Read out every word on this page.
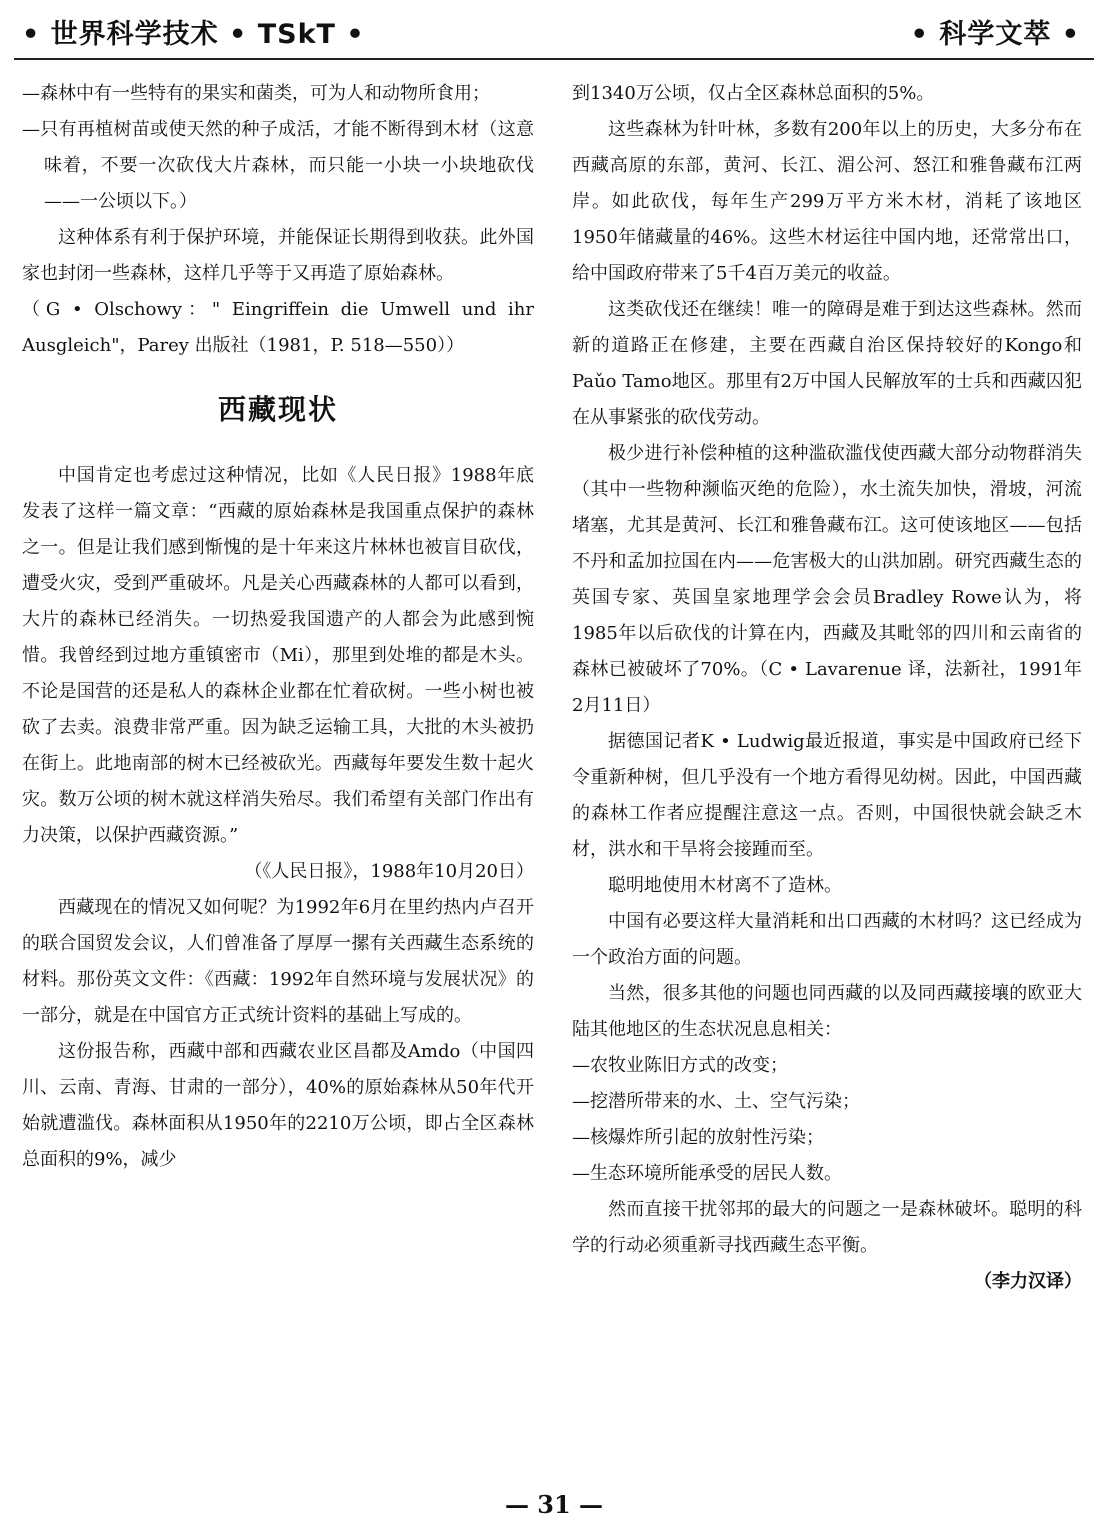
• 世界科学技术 • TSkT •	• 科学文萃 •

—森林中有一些特有的果实和菌类，可为人和动物所食用；

—只有再植树苗或使天然的种子成活，才能不断得到木材（这意味着，不要一次砍伐大片森林，而只能一小块一小块地砍伐——一公顷以下。）

这种体系有利于保护环境，并能保证长期得到收获。此外国家也封闭一些森林，这样几乎等于又再造了原始森林。

（G • Olschowy：" Eingriffein die Umwell und ihr Ausgleich"，Parey 出版社（1981，P. 518—550））

西藏现状

中国肯定也考虑过这种情况，比如《人民日报》1988年底发表了这样一篇文章：“西藏的原始森林是我国重点保护的森林之一。但是让我们感到惭愧的是十年来这片林林也被盲目砍伐，遭受火灾，受到严重破坏。凡是关心西藏森林的人都可以看到，大片的森林已经消失。一切热爱我国遗产的人都会为此感到惋惜。我曾经到过地方重镇密市（Mi），那里到处堆的都是木头。不论是国营的还是私人的森林企业都在忙着砍树。一些小树也被砍了去卖。浪费非常严重。因为缺乏运输工具，大批的木头被扔在街上。此地南部的树木已经被砍光。西藏每年要发生数十起火灾。数万公顷的树木就这样消失殆尽。我们希望有关部门作出有力决策，以保护西藏资源。”

（《人民日报》，1988年10月20日）

西藏现在的情况又如何呢？为1992年6月在里约热内卢召开的联合国贸发会议，人们曾准备了厚厚一摞有关西藏生态系统的材料。那份英文文件：《西藏：1992年自然环境与发展状况》的一部分，就是在中国官方正式统计资料的基础上写成的。

这份报告称，西藏中部和西藏农业区昌都及Amdo（中国四川、云南、青海、甘肃的一部分），40%的原始森林从50年代开始就遭滥伐。森林面积从1950年的2210万公顷，即占全区森林总面积的9%，减少

到1340万公顷，仅占全区森林总面积的5%。

这些森林为针叶林，多数有200年以上的历史，大多分布在西藏高原的东部，黄河、长江、湄公河、怒江和雅鲁藏布江两岸。如此砍伐，每年生产299万平方米木材，消耗了该地区1950年储藏量的46%。这些木材运往中国内地，还常常出口，给中国政府带来了5千4百万美元的收益。

这类砍伐还在继续！唯一的障碍是难于到达这些森林。然而新的道路正在修建，主要在西藏自治区保持较好的Kongo和Paǔo Tamo地区。那里有2万中国人民解放军的士兵和西藏囚犯在从事紧张的砍伐劳动。

极少进行补偿种植的这种滥砍滥伐使西藏大部分动物群消失（其中一些物种濒临灭绝的危险），水土流失加快，滑坡，河流堵塞，尤其是黄河、长江和雅鲁藏布江。这可使该地区——包括不丹和孟加拉国在内——危害极大的山洪加剧。研究西藏生态的英国专家、英国皇家地理学会会员Bradley Rowe认为，将1985年以后砍伐的计算在内，西藏及其毗邻的四川和云南省的森林已被破坏了70%。（C • Lavarenue 译，法新社，1991年2月11日）

据德国记者K • Ludwig最近报道，事实是中国政府已经下令重新种树，但几乎没有一个地方看得见幼树。因此，中国西藏的森林工作者应提醒注意这一点。否则，中国很快就会缺乏木材，洪水和干旱将会接踵而至。

聪明地使用木材离不了造林。

中国有必要这样大量消耗和出口西藏的木材吗？这已经成为一个政治方面的问题。

当然，很多其他的问题也同西藏的以及同西藏接壤的欧亚大陆其他地区的生态状况息息相关：

—农牧业陈旧方式的改变；

—挖潜所带来的水、土、空气污染；

—核爆炸所引起的放射性污染；

—生态环境所能承受的居民人数。

然而直接干扰邻邦的最大的问题之一是森林破坏。聪明的科学的行动必须重新寻找西藏生态平衡。

（李力汉译）

— 31 —
